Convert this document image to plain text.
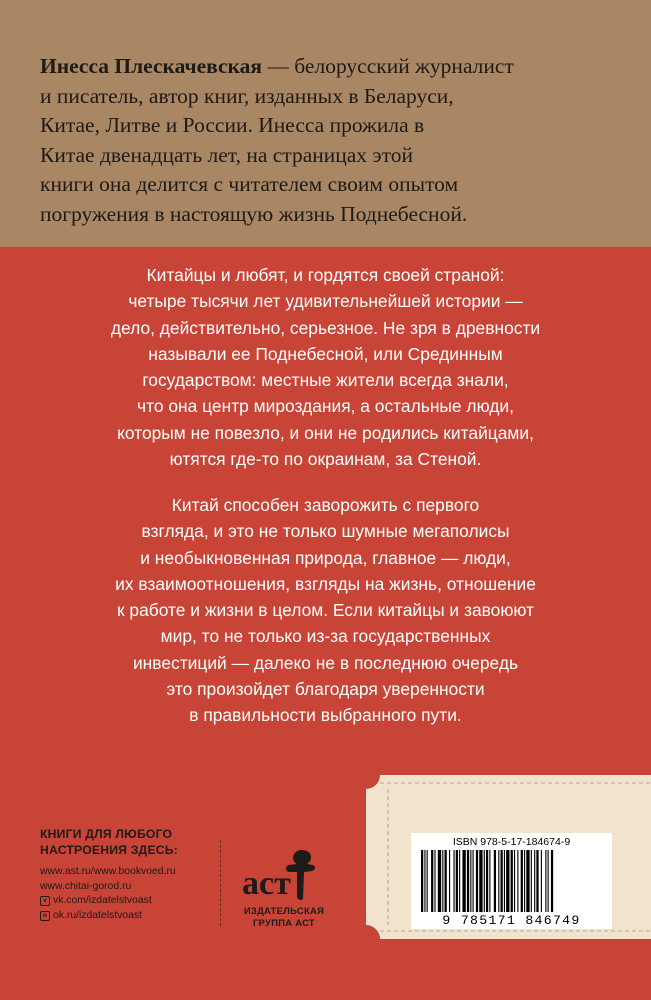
Инесса Плескачевская — белорусский журналист
и писатель, автор книг, изданных в Беларуси,
Китае, Литве и России. Инесса прожила в
Китае двенадцать лет, на страницах этой
книги она делится с читателем своим опытом
погружения в настоящую жизнь Поднебесной.

Китайцы и любят, и гордятся своей страной:

четыре тысячи лет удивительнейшей истории —

дело, действительно, серьезное. Не зря в древности

называли ее Поднебесной, или Срединным

государством: местные жители всегда знали,

что она центр мироздания, а остальные люди,

которым не повезло, и они не родились китайцами,

ютятся где-то по окраинам, за Стеной.

Китай способен заворожить с первого

взгляда, и это не только шумные мегаполисы

и необыкновенная природа, главное — люди,

их взаимоотношения, взгляды на жизнь, отношение

к работе и жизни в целом. Если китайцы и завоюют

мир, то не только из-за государственных

инвестиций — далеко не в последнюю очередь

это произойдет благодаря уверенности

в правильности выбранного пути.

КНИГИ ДЛЯ ЛЮБОГО
НАСТРОЕНИЯ ЗДЕСЬ:
www.ast.ru/www.bookvoed.ru
www.chitai-gorod.ru
v vk.com/izdatelstvoast
o ok.ru/izdatelstvoast
аст
ИЗДАТЕЛЬСКАЯ
ГРУППА АСТ
ISBN 978-5-17-184674-9
9 785171 846749
